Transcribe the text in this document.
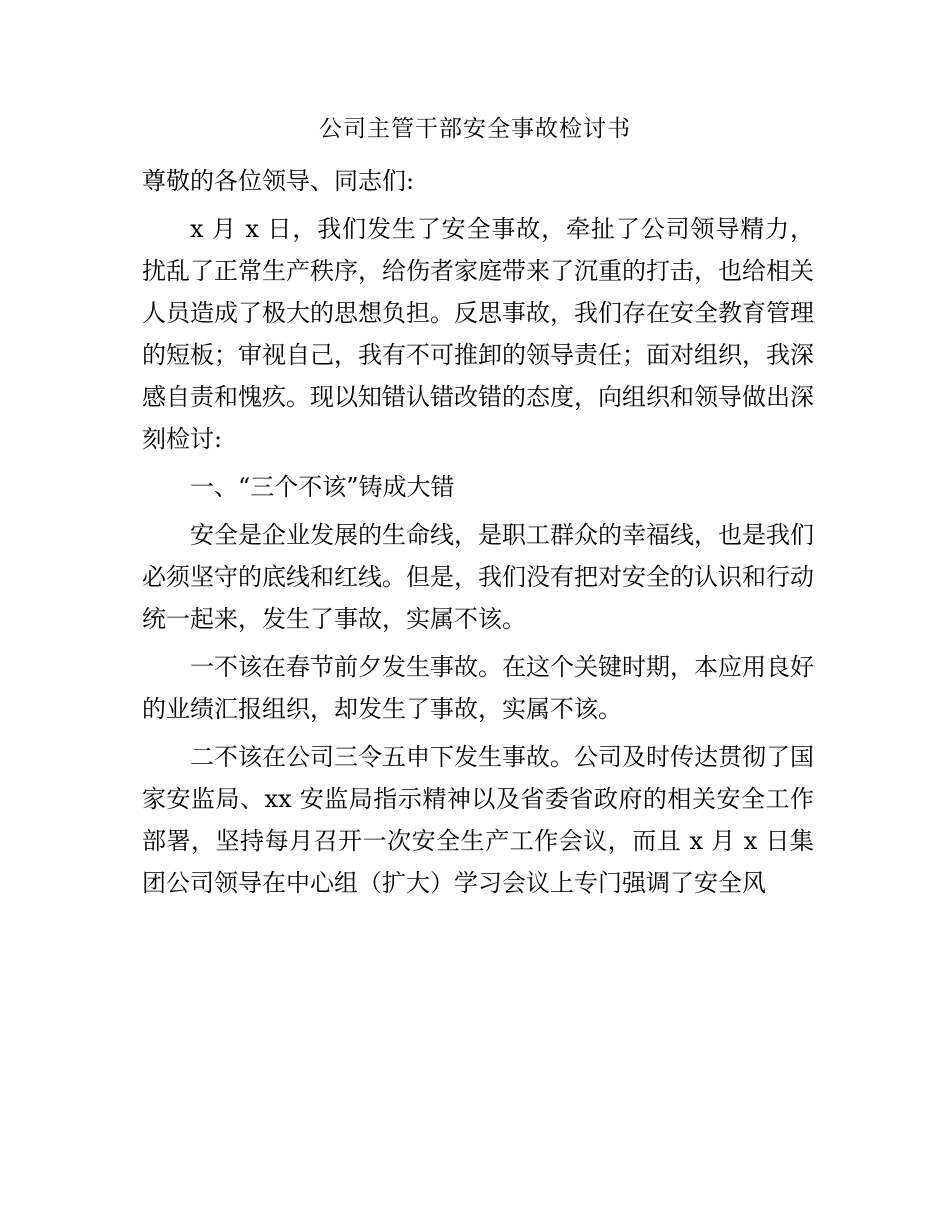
公司主管干部安全事故检讨书

尊敬的各位领导、同志们:

x 月 x 日，我们发生了安全事故，牵扯了公司领导精力，扰乱了正常生产秩序，给伤者家庭带来了沉重的打击，也给相关人员造成了极大的思想负担。反思事故，我们存在安全教育管理的短板；审视自己，我有不可推卸的领导责任；面对组织，我深感自责和愧疚。现以知错认错改错的态度，向组织和领导做出深刻检讨:

一、“三个不该”铸成大错

安全是企业发展的生命线，是职工群众的幸福线，也是我们必须坚守的底线和红线。但是，我们没有把对安全的认识和行动统一起来，发生了事故，实属不该。

一不该在春节前夕发生事故。在这个关键时期，本应用良好的业绩汇报组织，却发生了事故，实属不该。

二不该在公司三令五申下发生事故。公司及时传达贯彻了国家安监局、xx 安监局指示精神以及省委省政府的相关安全工作部署，坚持每月召开一次安全生产工作会议，而且 x 月 x 日集团公司领导在中心组（扩大）学习会议上专门强调了安全风
